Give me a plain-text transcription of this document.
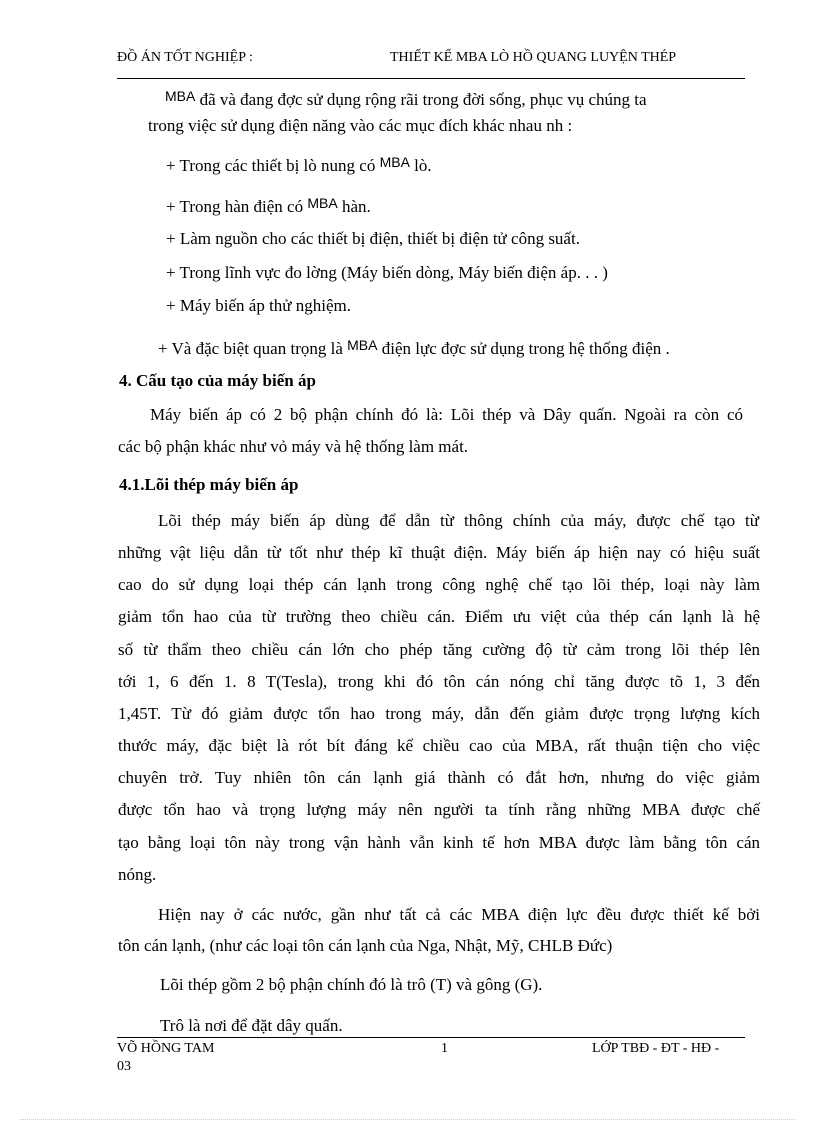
ĐỒ ÁN TỐT NGHIỆP :	THIẾT KẾ MBA LÒ HỒ QUANG LUYỆN THÉP
$^{MBA}$ đã và đang đợc sử dụng rộng rãi trong đời sống, phục vụ chúng ta
trong việc sử dụng điện năng vào các mục đích khác nhau nh :
+ Trong các thiết bị lò nung có $^{MBA}$ lò.
+ Trong hàn điện có $^{MBA}$ hàn.
+ Làm nguồn cho các thiết bị điện, thiết bị điện tử công suất.
+ Trong lĩnh vực đo lờng (Máy biến dòng, Máy biến điện áp. . . )
+ Máy biến áp thử nghiệm.
+ Và đặc biệt quan trọng là $^{MBA}$ điện lực đợc sử dụng trong hệ thống điện .
4. Cấu tạo của máy biến áp
Máy biến áp có 2 bộ phận chính đó là: Lõi thép và Dây quấn. Ngoài ra còn có
các bộ phận khác như vỏ máy và hệ thống làm mát.
4.1.Lõi thép máy biến áp
Lõi thép máy biến áp dùng để dẫn từ thông chính của máy, được chế tạo từ
những vật liệu dẫn từ tốt như thép kĩ thuật điện. Máy biến áp hiện nay có hiệu suất
cao do sử dụng loại thép cán lạnh trong công nghệ chế tạo lõi thép, loại này làm
giảm tổn hao của từ trường theo chiều cán. Điểm ưu việt của thép cán lạnh là hệ
số từ thẩm theo chiều cán lớn cho phép tăng cường độ từ cảm trong lõi thép lên
tới 1, 6 đến 1. 8 T(Tesla), trong khi đó tôn cán nóng chỉ tăng được tõ 1, 3 đến
1,45T. Từ đó giảm được tổn hao trong máy, dẫn đến giảm được trọng lượng kích
thước máy, đặc biệt là rót bít đáng kể chiều cao của MBA, rất thuận tiện cho việc
chuyên trở. Tuy nhiên tôn cán lạnh giá thành có đắt hơn, nhưng do việc giảm
được tổn hao và trọng lượng máy nên người ta tính rằng những MBA được chế
tạo bằng loại tôn này trong vận hành vẫn kinh tế hơn MBA được làm bằng tôn cán
nóng.
Hiện nay ở các nước, gần như tất cả các MBA điện lực đều được thiết kế bởi
tôn cán lạnh, (như các loại tôn cán lạnh của Nga, Nhật, Mỹ, CHLB Đức)
Lõi thép gồm 2 bộ phận chính đó là trô (T) và gông (G).
Trô là nơi để đặt dây quấn.
VÕ HỒNG TAM
03
1	LỚP TBĐ - ĐT - HĐ -
